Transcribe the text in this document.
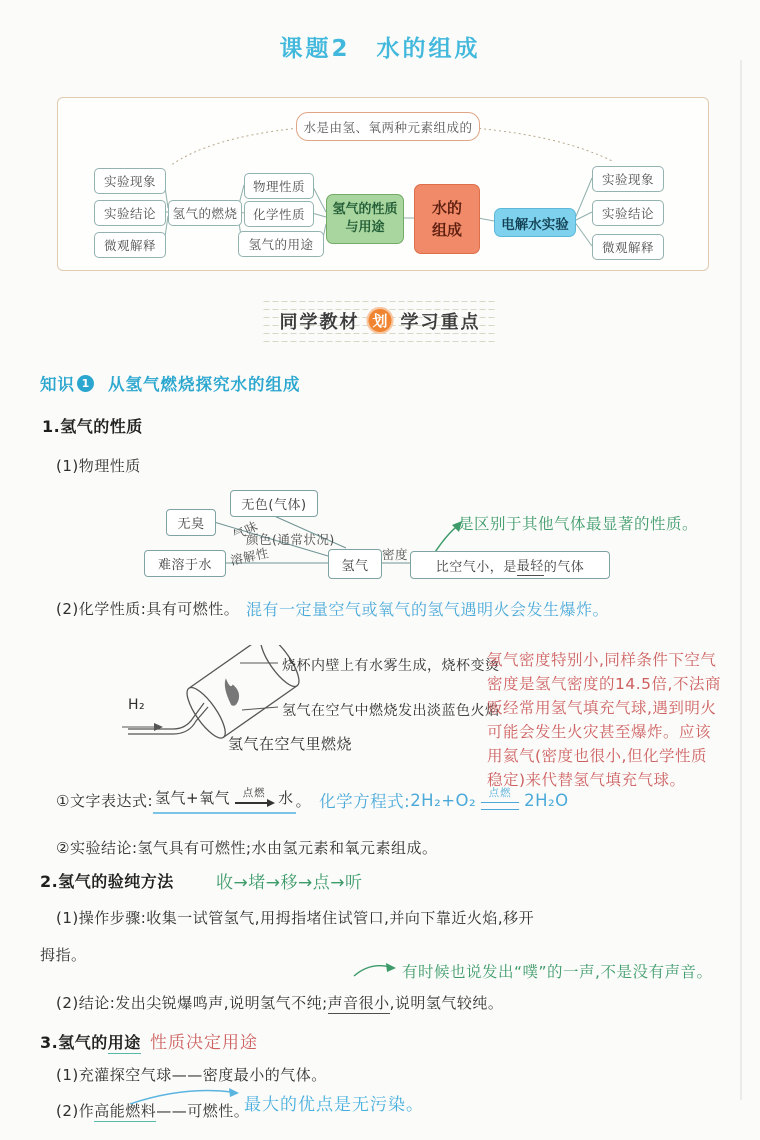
课题2　水的组成
水是由氢、氧两种元素组成的
实验现象
实验结论
微观解释
氢气的燃烧
物理性质
化学性质
氢气的用途
氢气的性质与用途
水的组成	电解水实验
实验现象
实验结论
微观解释
同学教材 划 学习重点
知识 1 从氢气燃烧探究水的组成
1.氢气的性质
(1)物理性质
无色(气体)
无臭
难溶于水	氢气	比空气小，是 最轻 的气体
气味
颜色(通常状况)
溶解性	密度
是区别于其他气体最显著的性质。
(2)化学性质:具有可燃性。 混有一定量空气或氧气的氢气遇明火会发生爆炸。
H₂
烧杯内壁上有水雾生成，烧杯变烫
氢气在空气中燃烧发出淡蓝色火焰
氢气在空气里燃烧
氢气密度特别小,同样条件下空气密度是氢气密度的14.5倍,不法商贩经常用氢气填充气球,遇到明火可能会发生火灾甚至爆炸。应该用氦气(密度也很小,但化学性质稳定)来代替氢气填充气球。
①文字表达式: 氢气+氧气 点燃 水 。 化学方程式: 2H₂+O₂ 点燃 2H₂O
②实验结论:氢气具有可燃性;水由氢元素和氧元素组成。
2.氢气的验纯方法 收→堵→移→点→听
(1)操作步骤:收集一试管氢气,用拇指堵住试管口,并向下靠近火焰,移开
拇指。
有时候也说发出“噗”的一声,不是没有声音。
(2)结论:发出尖锐爆鸣声,说明氢气不纯;声音很小,说明氢气较纯。
3.氢气的用途 性质决定用途
(1)充灌探空气球——密度最小的气体。
(2)作高能燃料——可燃性。
最大的优点是无污染。
